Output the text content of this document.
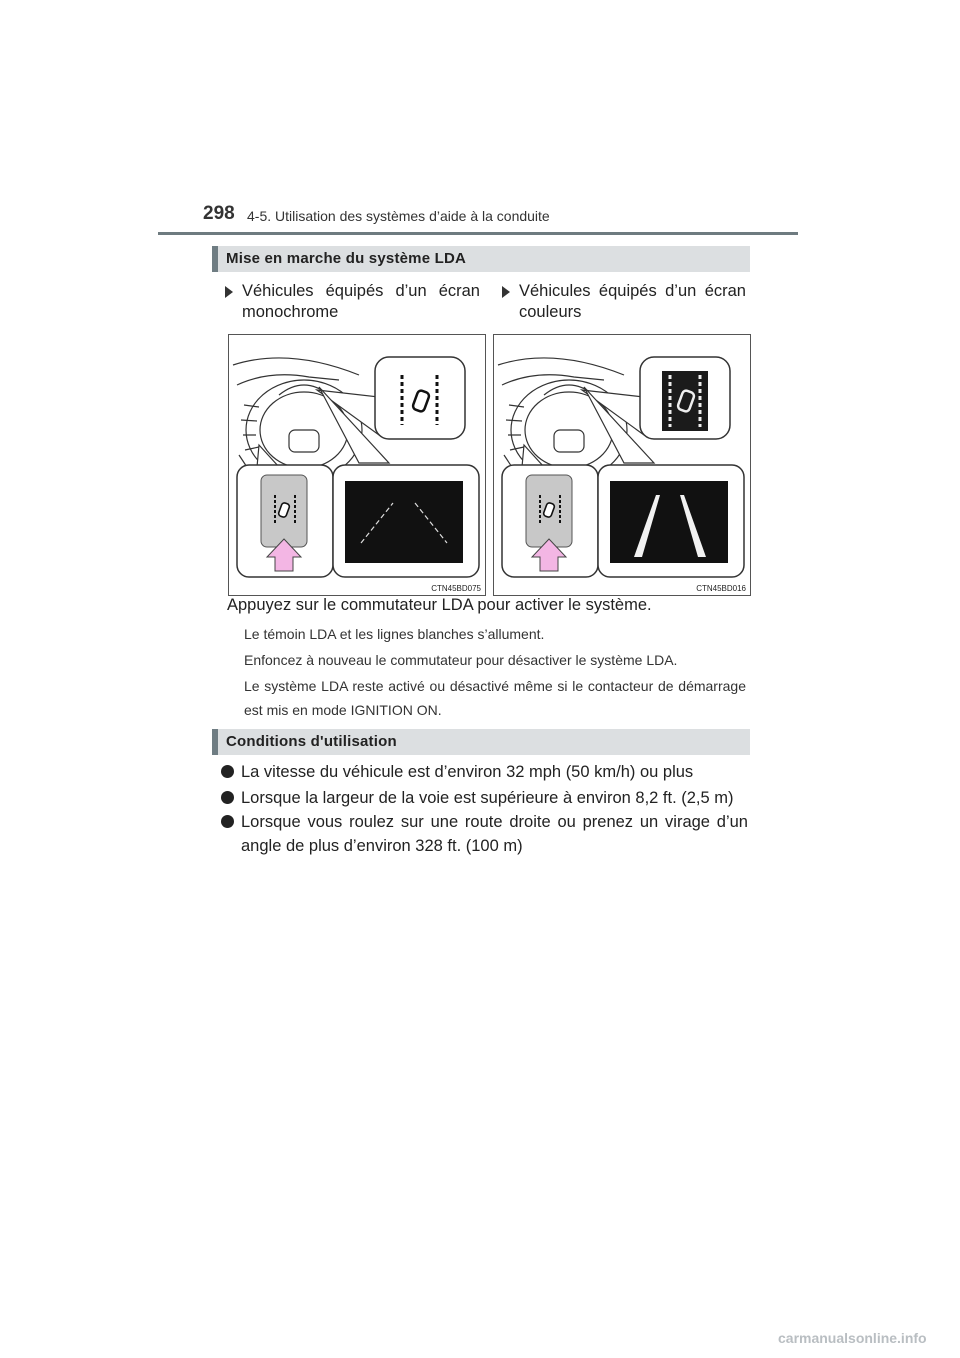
298 4-5. Utilisation des systèmes d’aide à la conduite
Mise en marche du système LDA
Véhicules équipés d’un écran
monochrome
Véhicules équipés d’un écran
couleurs
CTN45BD075	CTN45BD016
Appuyez sur le commutateur LDA pour activer le système.
Le témoin LDA et les lignes blanches s’allument.
Enfoncez à nouveau le commutateur pour désactiver le système LDA.
Le système LDA reste activé ou désactivé même si le contacteur de démarrage est mis en mode IGNITION ON.
Conditions d'utilisation
La vitesse du véhicule est d’environ 32 mph (50 km/h) ou plus
Lorsque la largeur de la voie est supérieure à environ 8,2 ft. (2,5 m)
Lorsque vous roulez sur une route droite ou prenez un virage d’un angle de plus d’environ 328 ft. (100 m)
carmanualsonline.info
